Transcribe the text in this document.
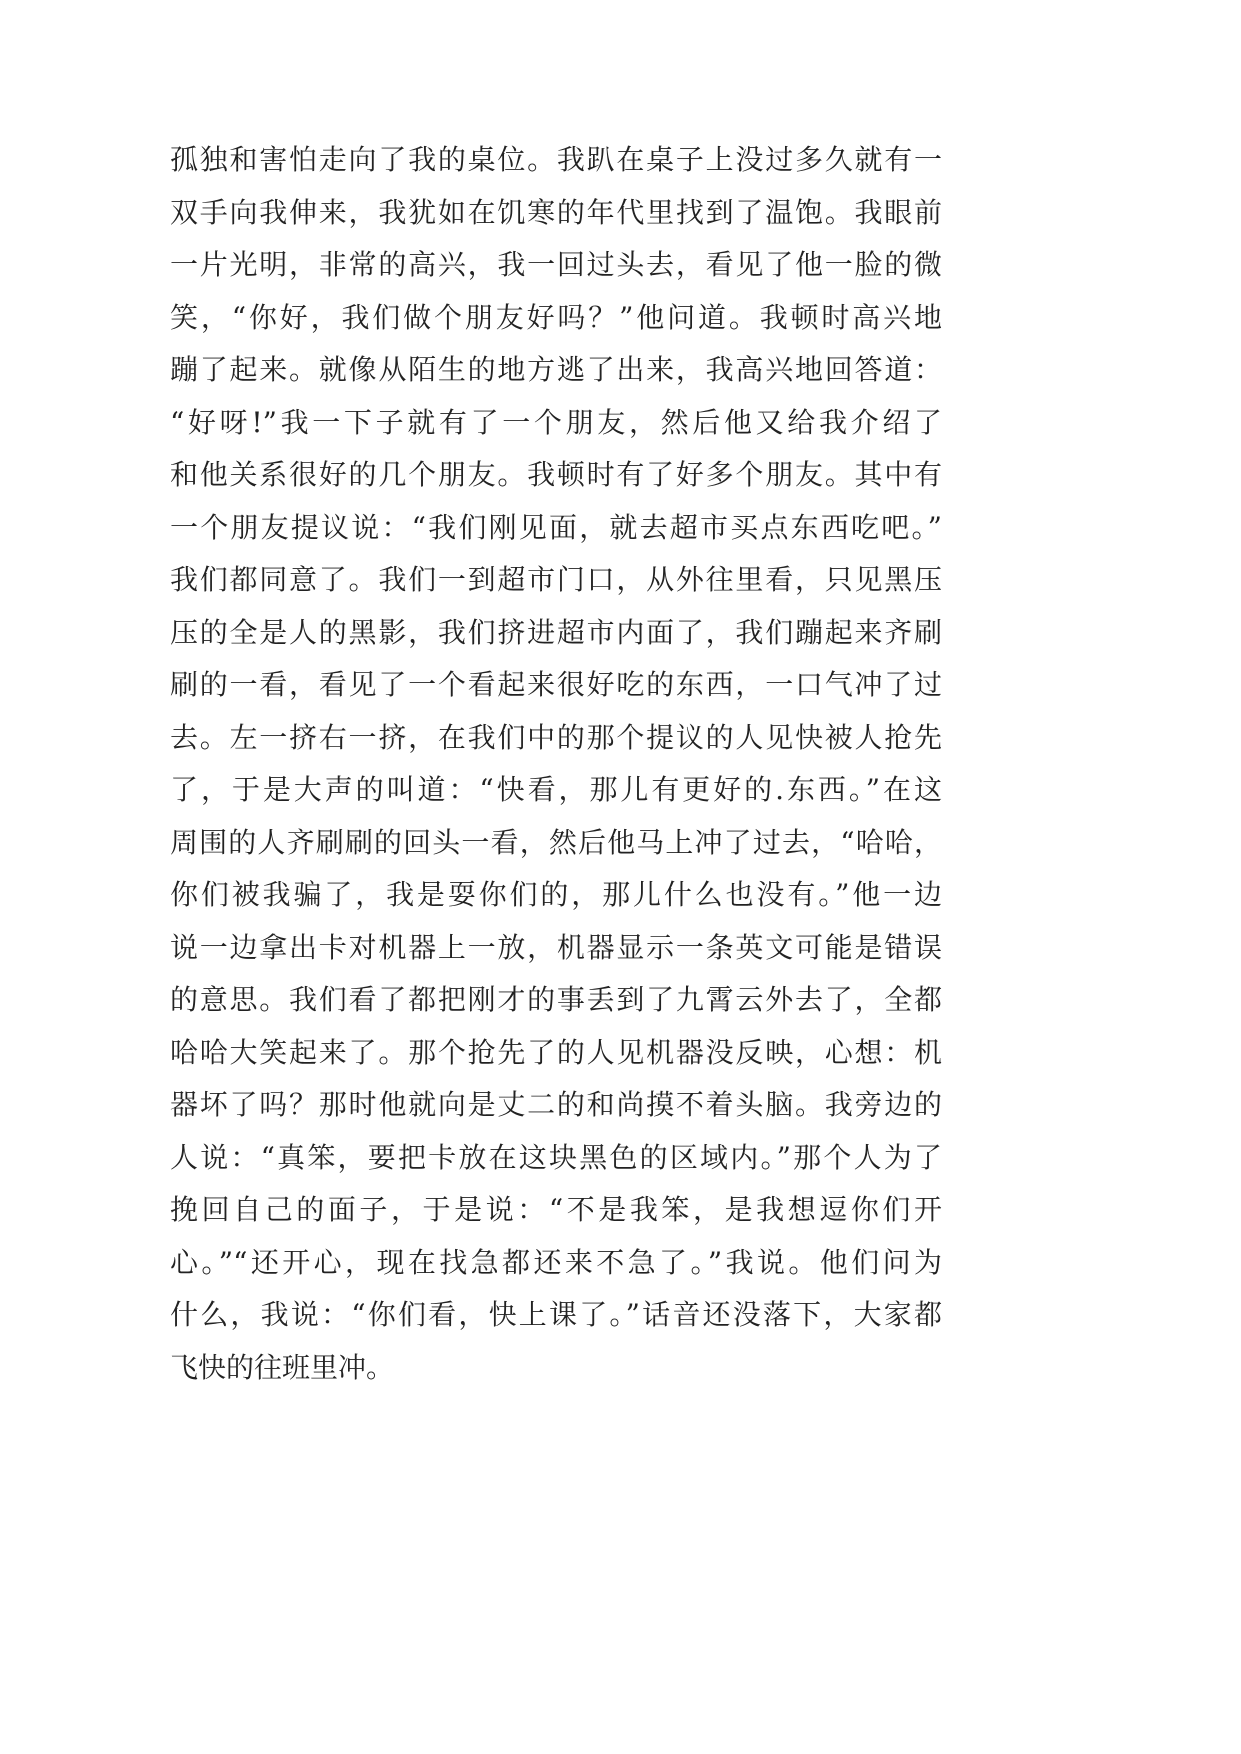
孤独和害怕走向了我的桌位。我趴在桌子上没过多久就有一
双手向我伸来，我犹如在饥寒的年代里找到了温饱。我眼前
一片光明，非常的高兴，我一回过头去，看见了他一脸的微
笑，“你好，我们做个朋友好吗？”他问道。我顿时高兴地
蹦了起来。就像从陌生的地方逃了出来，我高兴地回答道：
“好呀!”我一下子就有了一个朋友，然后他又给我介绍了
和他关系很好的几个朋友。我顿时有了好多个朋友。其中有
一个朋友提议说：“我们刚见面，就去超市买点东西吃吧。”
我们都同意了。我们一到超市门口，从外往里看，只见黑压
压的全是人的黑影，我们挤进超市内面了，我们蹦起来齐刷
刷的一看，看见了一个看起来很好吃的东西，一口气冲了过
去。左一挤右一挤，在我们中的那个提议的人见快被人抢先
了，于是大声的叫道：“快看，那儿有更好的.东西。”在这
周围的人齐刷刷的回头一看，然后他马上冲了过去，“哈哈，
你们被我骗了，我是耍你们的，那儿什么也没有。”他一边
说一边拿出卡对机器上一放，机器显示一条英文可能是错误
的意思。我们看了都把刚才的事丢到了九霄云外去了，全都
哈哈大笑起来了。那个抢先了的人见机器没反映，心想：机
器坏了吗？那时他就向是丈二的和尚摸不着头脑。我旁边的
人说：“真笨，要把卡放在这块黑色的区域内。”那个人为了
挽回自己的面子，于是说：“不是我笨，是我想逗你们开
心。”“还开心，现在找急都还来不急了。”我说。他们问为
什么，我说：“你们看，快上课了。”话音还没落下，大家都
飞快的往班里冲。
